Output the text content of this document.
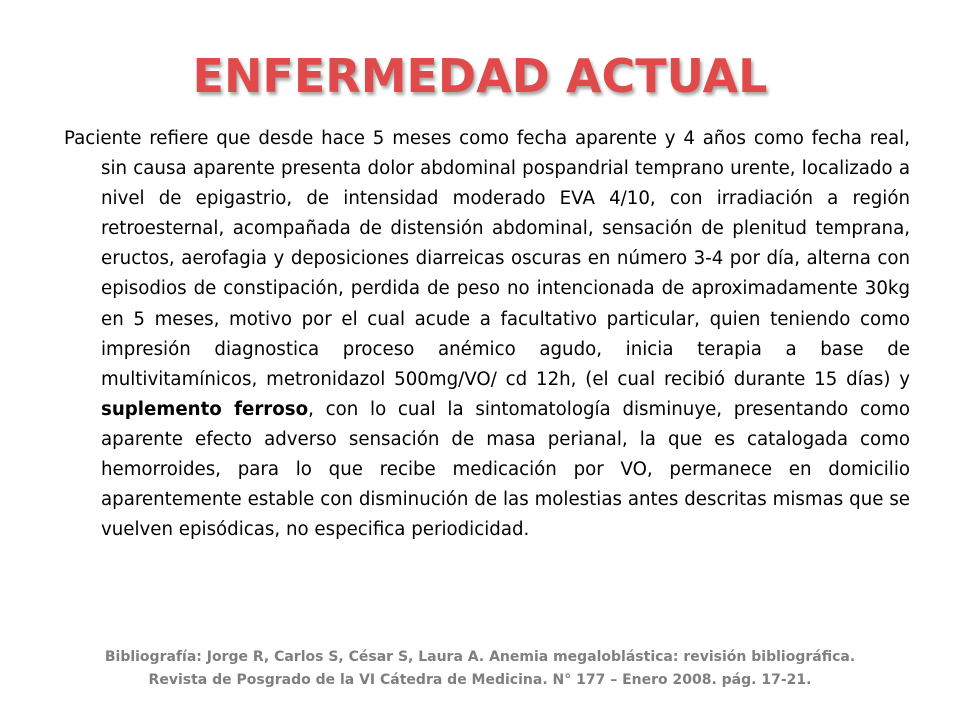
ENFERMEDAD ACTUAL

Paciente refiere que desde hace 5 meses como fecha aparente y 4 años como fecha real, sin causa aparente presenta dolor abdominal pospandrial temprano urente, localizado a nivel de epigastrio, de intensidad moderado EVA 4/10, con irradiación a región retroesternal, acompañada de distensión abdominal, sensación de plenitud temprana, eructos, aerofagia y deposiciones diarreicas oscuras en número 3-4 por día, alterna con episodios de constipación, perdida de peso no intencionada de aproximadamente 30kg en 5 meses, motivo por el cual acude a facultativo particular, quien teniendo como impresión diagnostica proceso anémico agudo, inicia terapia a base de multivitamínicos, metronidazol 500mg/VO/ cd 12h, (el cual recibió durante 15 días) y suplemento ferroso, con lo cual la sintomatología disminuye, presentando como aparente efecto adverso sensación de masa perianal, la que es catalogada como hemorroides, para lo que recibe medicación por VO, permanece en domicilio aparentemente estable con disminución de las molestias antes descritas mismas que se vuelven episódicas, no especifica periodicidad.

Bibliografía: Jorge R, Carlos S, César S, Laura A. Anemia megaloblástica: revisión bibliográfica.
Revista de Posgrado de la VI Cátedra de Medicina. N° 177 – Enero 2008. pág. 17-21.
